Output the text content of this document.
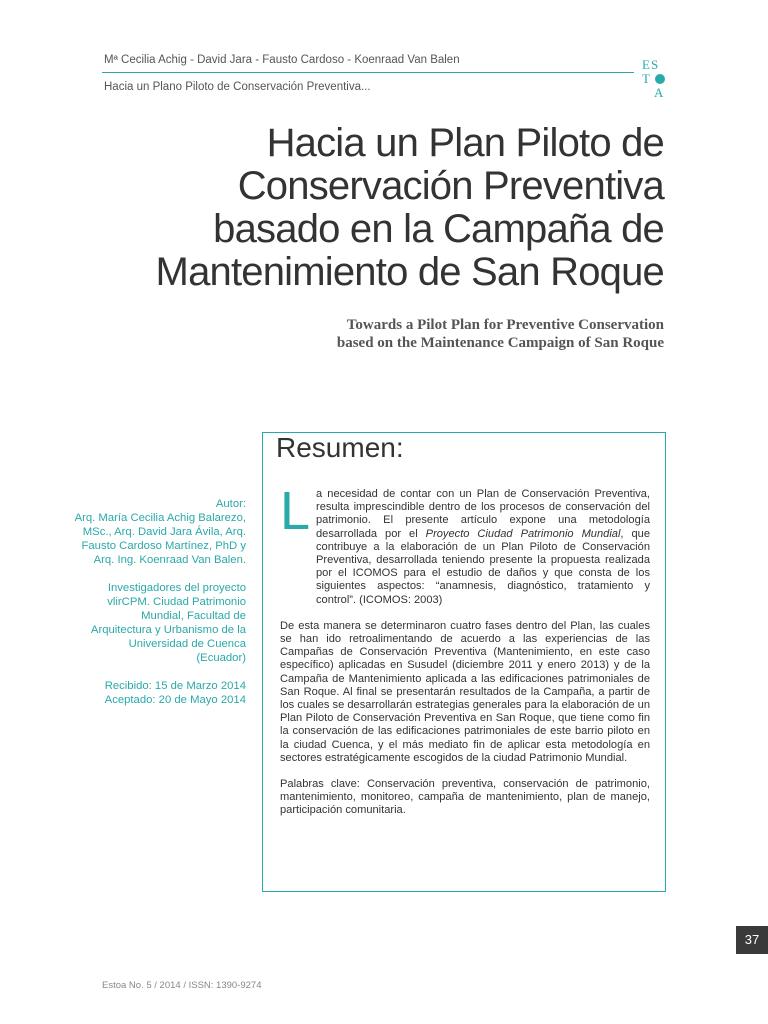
Mª Cecilia Achig - David Jara - Fausto Cardoso - Koenraad Van Balen
Hacia un Plano Piloto de Conservación Preventiva...
ES
T
A
Hacia un Plan Piloto de
Conservación Preventiva
basado en la Campaña de
Mantenimiento de San Roque
Towards a Pilot Plan for Preventive Conservation
based on the Maintenance Campaign of San Roque

Autor:
Arq. María Cecilia Achig Balarezo,
MSc., Arq. David Jara Ávila, Arq.
Fausto Cardoso Martínez, PhD y
Arq. Ing. Koenraad Van Balen.

Investigadores del proyecto
vlirCPM. Ciudad Patrimonio
Mundial, Facultad de
Arquitectura y Urbanismo de la
Universidad de Cuenca
(Ecuador)

Recibido: 15 de Marzo 2014
Aceptado: 20 de Mayo 2014

Resumen:
L a necesidad de contar con un Plan de Conservación Preventiva, resulta imprescindible dentro de los procesos de conservación del patrimonio. El presente artículo expone una metodología desarrollada por el Proyecto Ciudad Patrimonio Mundial, que contribuye a la elaboración de un Plan Piloto de Conservación Preventiva, desarrollada teniendo presente la propuesta realizada por el ICOMOS para el estudio de daños y que consta de los siguientes aspectos: “anamnesis, diagnóstico, tratamiento y control”. (ICOMOS: 2003)

De esta manera se determinaron cuatro fases dentro del Plan, las cuales se han ido retroalimentando de acuerdo a las experiencias de las Campañas de Conservación Preventiva (Mantenimiento, en este caso específico) aplicadas en Susudel (diciembre 2011 y enero 2013) y de la Campaña de Mantenimiento aplicada a las edificaciones patrimoniales de San Roque. Al final se presentarán resultados de la Campaña, a partir de los cuales se desarrollarán estrategias generales para la elaboración de un Plan Piloto de Conservación Preventiva en San Roque, que tiene como fin la conservación de las edificaciones patrimoniales de este barrio piloto en la ciudad Cuenca, y el más mediato fin de aplicar esta metodología en sectores estratégicamente escogidos de la ciudad Patrimonio Mundial.

Palabras clave: Conservación preventiva, conservación de patrimonio, mantenimiento, monitoreo, campaña de mantenimiento, plan de manejo, participación comunitaria.

37
Estoa No. 5 / 2014 / ISSN: 1390-9274
